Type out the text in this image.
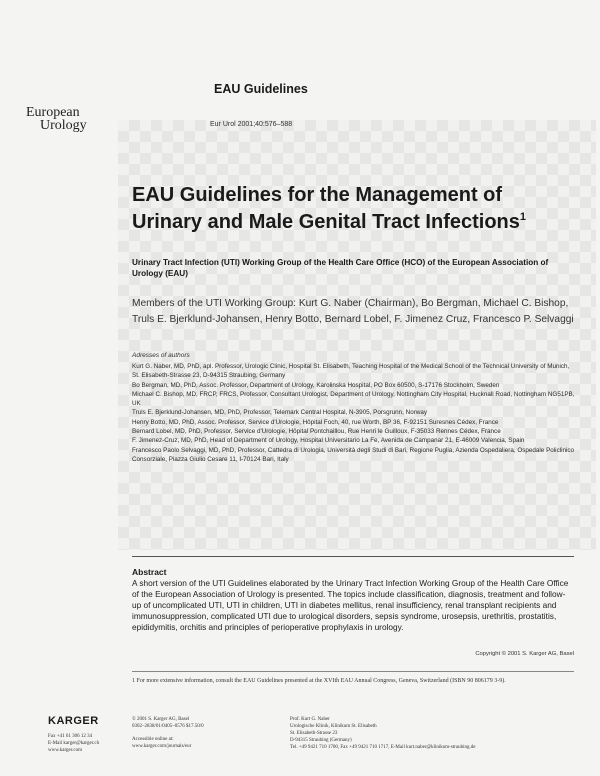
EAU Guidelines
European
Urology	Eur Urol 2001;40:576–588
EAU Guidelines for the Management of Urinary and Male Genital Tract Infections$^1$
Urinary Tract Infection (UTI) Working Group of the Health Care Office (HCO) of the European Association of Urology (EAU)
Members of the UTI Working Group: Kurt G. Naber (Chairman), Bo Bergman, Michael C. Bishop, Truls E. Bjerklund-Johansen, Henry Botto, Bernard Lobel, F. Jimenez Cruz, Francesco P. Selvaggi
Adresses of authors
Kurt G. Naber, MD, PhD, apl. Professor, Urologic Clinic, Hospital St. Elisabeth, Teaching Hospital of the Medical School of the Technical University of Munich, St. Elisabeth-Strasse 23, D-94315 Straubing, Germany
Bo Bergman, MD, PhD, Assoc. Professor, Department of Urology, Karolinska Hospital, PO Box 60500, S-17176 Stockholm, Sweden
Michael C. Bishop, MD, FRCP, FRCS, Professor, Consultant Urologist, Department of Urology, Nottingham City Hospital, Hucknall Road, Nottingham NG51PB, UK
Truls E. Bjerklund-Johansen, MD, PhD, Professor, Telemark Central Hospital, N-3905, Porsgrunn, Norway
Henry Botto, MD, PhD, Assoc. Professor, Service d'Urologie, Hôpital Foch, 40, rue Worth, BP 36, F-92151 Suresnes Cédex, France
Bernard Lobel, MD, PhD, Professor, Service d'Urologie, Hôpital Pontchaillou, Rue Henri le Guilloux, F-35033 Rennes Cédex, France
F. Jimenez-Cruz, MD, PhD, Head of Department of Urology, Hospital Universitario La Fe, Avenida de Campanar 21, E-46009 Valencia, Spain
Francesco Paolo Selvaggi, MD, PhD, Professor, Cattedra di Urologia, Università degli Studi di Bari, Regione Puglia, Azienda Ospedaliera, Ospedale Policlinico Consorziale, Piazza Giulio Cesare 11, I-70124 Bari, Italy
Abstract
A short version of the UTI Guidelines elaborated by the Urinary Tract Infection Working Group of the Health Care Office of the European Association of Urology is presented. The topics include classification, diagnosis, treatment and follow-up of uncomplicated UTI, UTI in children, UTI in diabetes mellitus, renal insufficiency, renal transplant recipients and immunosuppression, complicated UTI due to urological disorders, sepsis syndrome, urosepsis, urethritis, prostatitis, epididymitis, orchitis and principles of perioperative prophylaxis in urology.
Copyright © 2001 S. Karger AG, Basel
1 For more extensive information, consult the EAU Guidelines presented at the XVIth EAU Annual Congress, Geneva, Switzerland (ISBN 90 806179 3-9).
KARGER
Fax +41 61 306 12 34
E-Mail karger@karger.ch
www.karger.com
© 2001 S. Karger AG, Basel
0302–2838/01/0405–0576 $17.50/0
Accessible online at:
www.karger.com/journals/eur
Prof. Kurt G. Naber
Urologische Klinik, Klinikum St. Elisabeth
St. Elisabeth-Strasse 23
D-94315 Straubing (Germany)
Tel. +49 9421 710 1700, Fax +49 9421 710 1717, E-Mail kurt.naber@klinikum-straubing.de
